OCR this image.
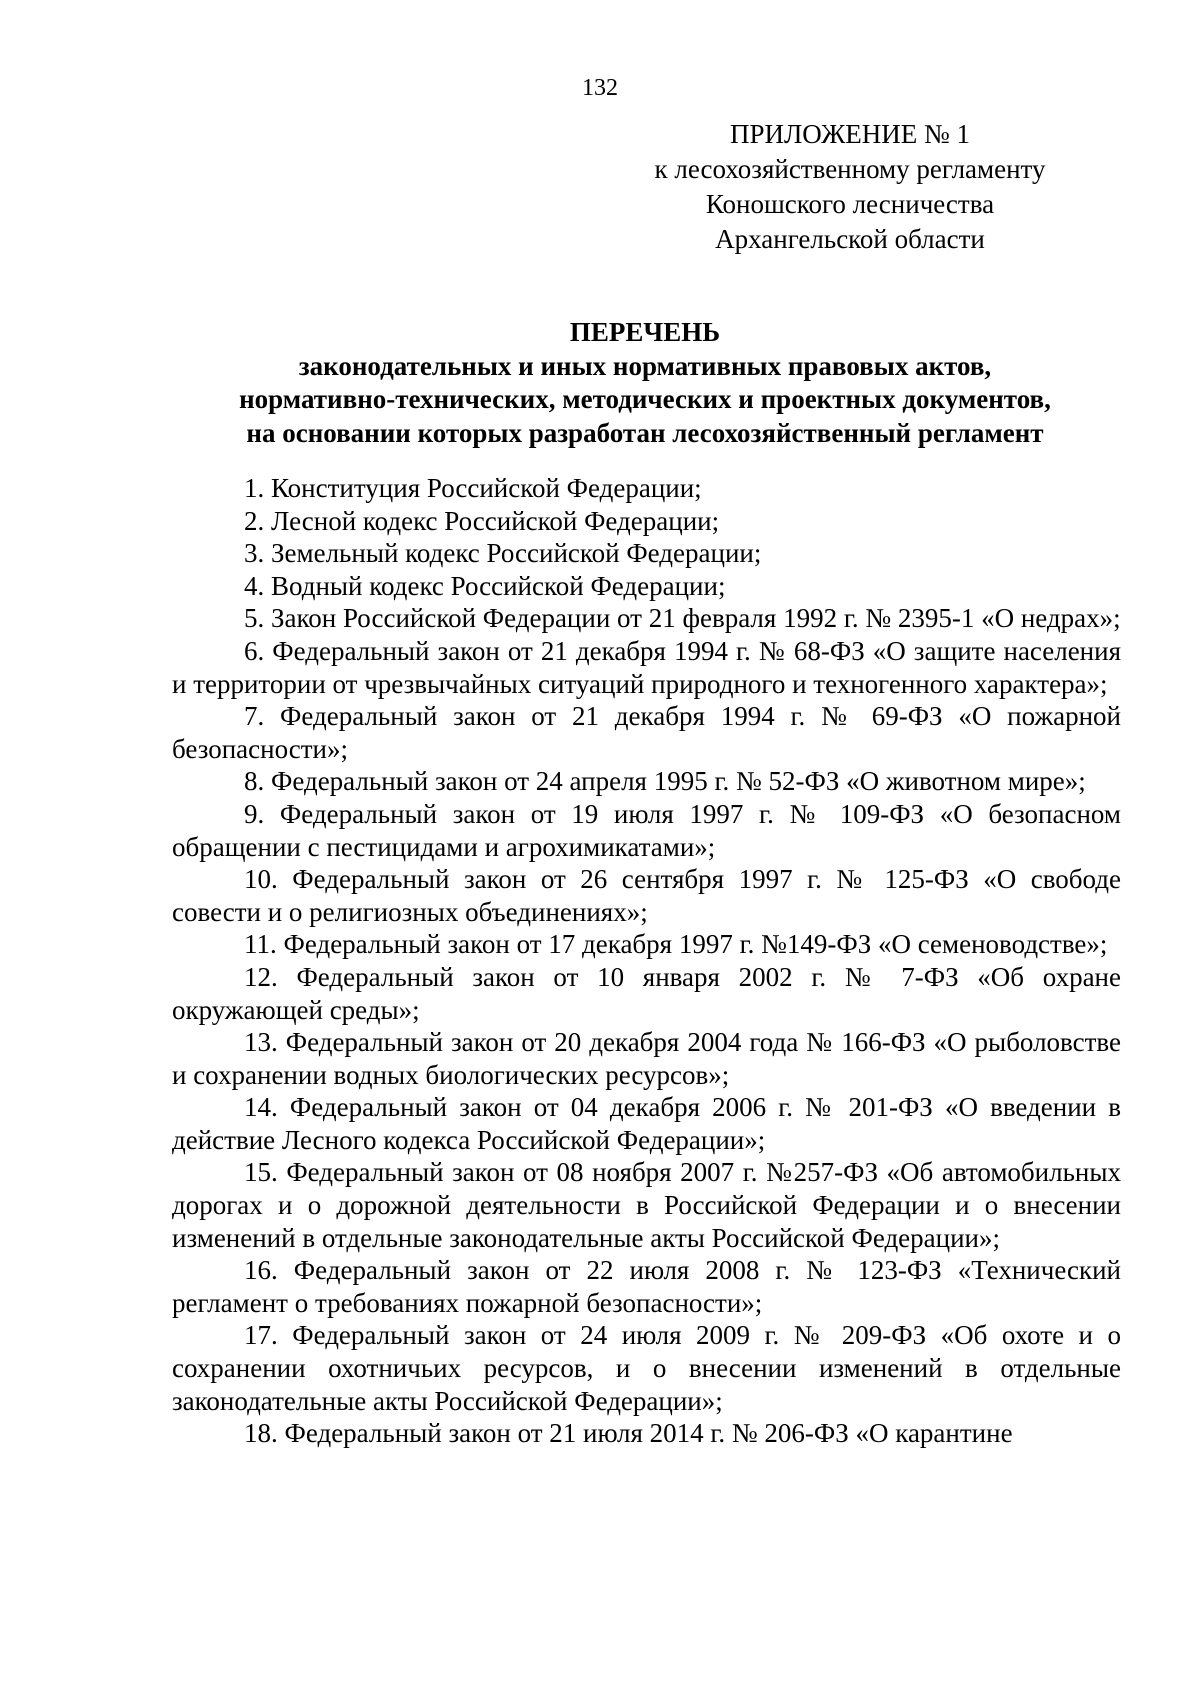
132
ПРИЛОЖЕНИЕ № 1
к лесохозяйственному регламенту
Коношского лесничества
Архангельской области
ПЕРЕЧЕНЬ
законодательных и иных нормативных правовых актов,
нормативно-технических, методических и проектных документов,
на основании которых разработан лесохозяйственный регламент

1. Конституция Российской Федерации;

2. Лесной кодекс Российской Федерации;

3. Земельный кодекс Российской Федерации;

4. Водный кодекс Российской Федерации;

5. Закон Российской Федерации от 21 февраля 1992 г. № 2395-1 «О недрах»;

6. Федеральный закон от 21 декабря 1994 г. № 68-ФЗ «О защите населения и территории от чрезвычайных ситуаций природного и техногенного характера»;

7. Федеральный закон от 21 декабря 1994 г. № 69-ФЗ «О пожарной безопасности»;

8. Федеральный закон от 24 апреля 1995 г. № 52-ФЗ «О животном мире»;

9. Федеральный закон от 19 июля 1997 г. № 109-ФЗ «О безопасном обращении с пестицидами и агрохимикатами»;

10. Федеральный закон от 26 сентября 1997 г. № 125-ФЗ «О свободе совести и о религиозных объединениях»;

11. Федеральный закон от 17 декабря 1997 г. №149-ФЗ «О семеноводстве»;

12. Федеральный закон от 10 января 2002 г. № 7-ФЗ «Об охране окружающей среды»;

13. Федеральный закон от 20 декабря 2004 года № 166-ФЗ «О рыболовстве и сохранении водных биологических ресурсов»;

14. Федеральный закон от 04 декабря 2006 г. № 201-ФЗ «О введении в действие Лесного кодекса Российской Федерации»;

15. Федеральный закон от 08 ноября 2007 г. №257-ФЗ «Об автомобильных дорогах и о дорожной деятельности в Российской Федерации и о внесении изменений в отдельные законодательные акты Российской Федерации»;

16. Федеральный закон от 22 июля 2008 г. № 123-ФЗ «Технический регламент о требованиях пожарной безопасности»;

17. Федеральный закон от 24 июля 2009 г. № 209-ФЗ «Об охоте и о сохранении охотничьих ресурсов, и о внесении изменений в отдельные законодательные акты Российской Федерации»;

18. Федеральный закон от 21 июля 2014 г. № 206-ФЗ «О карантине
